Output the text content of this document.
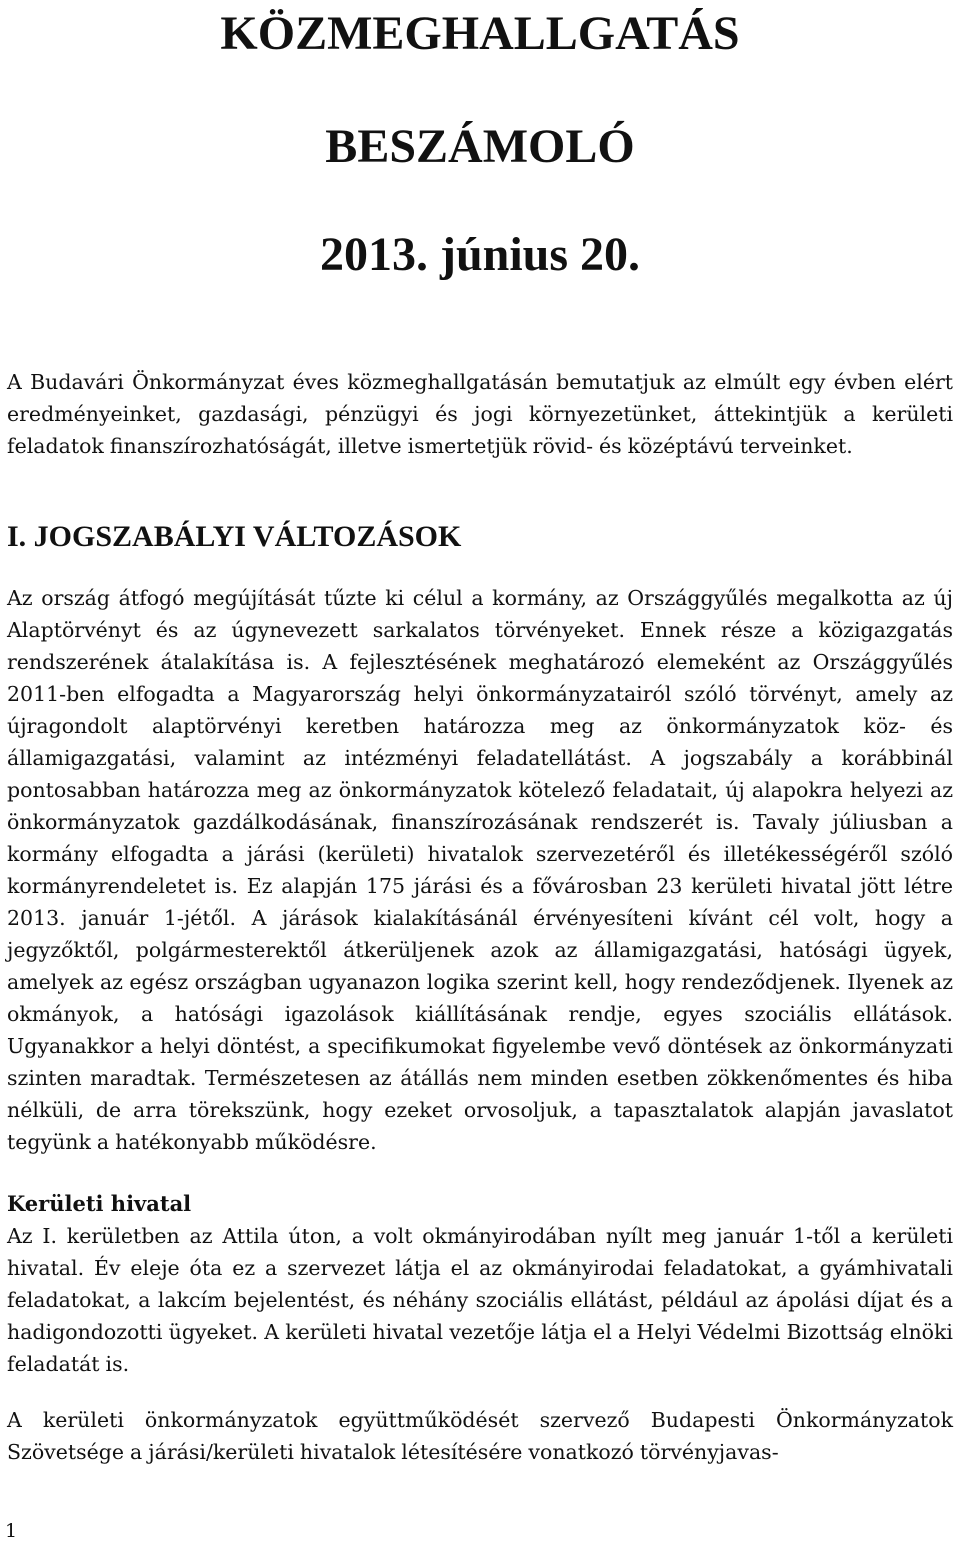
KÖZMEGHALLGATÁS
BESZÁMOLÓ
2013. június 20.

A Budavári Önkormányzat éves közmeghallgatásán bemutatjuk az elmúlt egy évben elért eredményeinket, gazdasági, pénzügyi és jogi környezetünket, áttekintjük a kerületi feladatok finanszírozhatóságát, illetve ismertetjük rövid- és középtávú terveinket.

I. JOGSZABÁLYI VÁLTOZÁSOK

Az ország átfogó megújítását tűzte ki célul a kormány, az Országgyűlés megalkotta az új Alaptörvényt és az úgynevezett sarkalatos törvényeket. Ennek része a közigazgatás rendszerének átalakítása is. A fejlesztésének meghatározó elemeként az Országgyűlés 2011-ben elfogadta a Magyarország helyi önkormányzatairól szóló törvényt, amely az újragondolt alaptörvényi keretben határozza meg az önkormányzatok köz- és államigazgatási, valamint az intézményi feladatellátást. A jogszabály a korábbinál pontosabban határozza meg az önkormányzatok kötelező feladatait, új alapokra helyezi az önkormányzatok gazdálkodásának, finanszírozásának rendszerét is. Tavaly júliusban a kormány elfogadta a járási (kerületi) hivatalok szervezetéről és illetékességéről szóló kormányrendeletet is. Ez alapján 175 járási és a fővárosban 23 kerületi hivatal jött létre 2013. január 1-jétől. A járások kialakításánál érvényesíteni kívánt cél volt, hogy a jegyzőktől, polgármesterektől átkerüljenek azok az államigazgatási, hatósági ügyek, amelyek az egész országban ugyanazon logika szerint kell, hogy rendeződjenek. Ilyenek az okmányok, a hatósági igazolások kiállításának rendje, egyes szociális ellátások. Ugyanakkor a helyi döntést, a specifikumokat figyelembe vevő döntések az önkormányzati szinten maradtak. Természetesen az átállás nem minden esetben zökkenőmentes és hiba nélküli, de arra törekszünk, hogy ezeket orvosoljuk, a tapasztalatok alapján javaslatot tegyünk a hatékonyabb működésre.

Kerületi hivatal

Az I. kerületben az Attila úton, a volt okmányirodában nyílt meg január 1-től a kerületi hivatal. Év eleje óta ez a szervezet látja el az okmányirodai feladatokat, a gyámhivatali feladatokat, a lakcím bejelentést, és néhány szociális ellátást, például az ápolási díjat és a hadigondozotti ügyeket. A kerületi hivatal vezetője látja el a Helyi Védelmi Bizottság elnöki feladatát is.

A kerületi önkormányzatok együttműködését szervező Budapesti Önkormányzatok Szövetsége a járási/kerületi hivatalok létesítésére vonatkozó törvényjavas-

1
